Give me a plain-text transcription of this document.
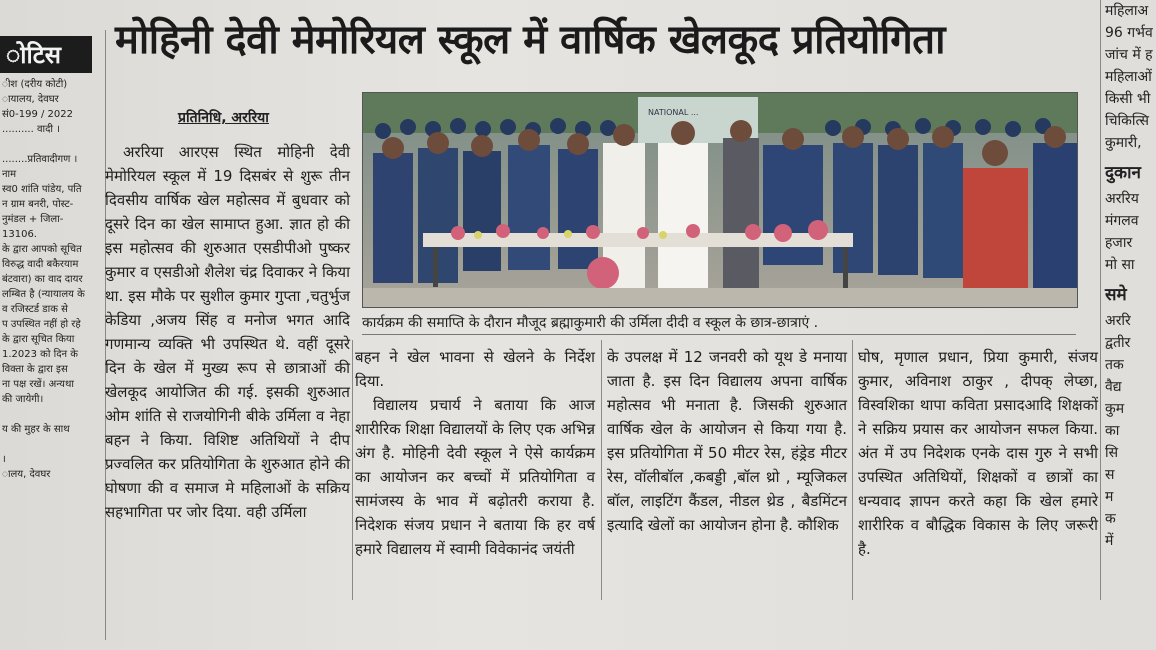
ोटिस
ीश (दरीय कोटी)
ायालय, देवघर
सं0-199 / 2022
.......... वादी ।

........प्रतिवादीगण ।
नाम
स्व0 शांति पांडेय, पति
न ग्राम बनरी, पोस्ट-
नुमंडल + जिला-
13106.
के द्वारा आपको सूचित
विरुद्ध वादी बकैरयाम
बंटवारा) का वाद दायर
लम्बित है (न्यायालय के
व रजिस्टर्ड डाक से
प उपस्थित नहीं हो रहे
के द्वारा सूचित किया
1.2023 को दिन के
विक्ता के द्वारा इस
ना पक्ष रखें। अन्यथा
की जायेगी।

य की मुहर के साथ

।
ालय, देवघर
महिलाअ
96 गर्भव
जांच में ह
महिलाओं
किसी भी
चिकित्सि
कुमारी,
दुकान
अररिय
मंगलव
हजार
मो सा
समे
अररि
द्वतीर
तक
वैद्य
कुम
का
सि
स
म
क
में
मोहिनी देवी मेमोरियल स्कूल में वार्षिक खेलकूद प्रतियोगिता
प्रतिनिधि, अररिया	NATIONAL ...
कार्यक्रम की समाप्ति के दौरान मौजूद ब्रह्माकुमारी की उर्मिला दीदी व स्कूल के छात्र-छात्राएं .

अररिया आरएस स्थित मोहिनी देवी मेमोरियल स्कूल में 19 दिसबंर से शुरू तीन दिवसीय वार्षिक खेल महोत्सव में बुधवार को दूसरे दिन का खेल सामाप्त हुआ. ज्ञात हो की इस महोत्सव की शुरुआत एसडीपीओ पुष्कर कुमार व एसडीओ शैलेश चंद्र दिवाकर ने किया था. इस मौके पर सुशील कुमार गुप्ता ,चतुर्भुज केडिया ,अजय सिंह व मनोज भगत आदि गणमान्य व्यक्ति भी उपस्थित थे. वहीं दूसरे दिन के खेल में मुख्य रूप से छात्राओं की खेलकूद आयोजित की गई. इसकी शुरुआत ओम शांति से राजयोगिनी बीके उर्मिला व नेहा बहन ने किया. विशिष्ट अतिथियों ने दीप प्रज्वलित कर प्रतियोगिता के शुरुआत होने की घोषणा की व समाज मे महिलाओं के सक्रिय सहभागिता पर जोर दिया. वही उर्मिला

बहन ने खेल भावना से खेलने के निर्देश दिया.

विद्यालय प्रचार्य ने बताया कि आज शारीरिक शिक्षा विद्यालयों के लिए एक अभिन्न अंग है. मोहिनी देवी स्कूल ने ऐसे कार्यक्रम का आयोजन कर बच्चों में प्रतियोगिता व सामंजस्य के भाव में बढ़ोतरी कराया है. निदेशक संजय प्रधान ने बताया कि हर वर्ष हमारे विद्यालय में स्वामी विवेकानंद जयंती

के उपलक्ष में 12 जनवरी को यूथ डे मनाया जाता है. इस दिन विद्यालय अपना वार्षिक महोत्सव भी मनाता है. जिसकी शुरुआत वार्षिक खेल के आयोजन से किया गया है. इस प्रतियोगिता में 50 मीटर रेस, हंड्रेड मीटर रेस, वॉलीबॉल ,कबड्डी ,बॉल थ्रो , म्यूजिकल बॉल, लाइटिंग कैंडल, नीडल थ्रेड , बैडमिंटन इत्यादि खेलों का आयोजन होना है. कौशिक

घोष, मृणाल प्रधान, प्रिया कुमारी, संजय कुमार, अविनाश ठाकुर , दीपक् लेप्छा, विस्वशिका थापा कविता प्रसादआदि शिक्षकों ने सक्रिय प्रयास कर आयोजन सफल किया. अंत में उप निदेशक एनके दास गुरु ने सभी उपस्थित अतिथियों, शिक्षकों व छात्रों का धन्यवाद ज्ञापन करते कहा कि खेल हमारे शारीरिक व बौद्धिक विकास के लिए जरूरी है.
